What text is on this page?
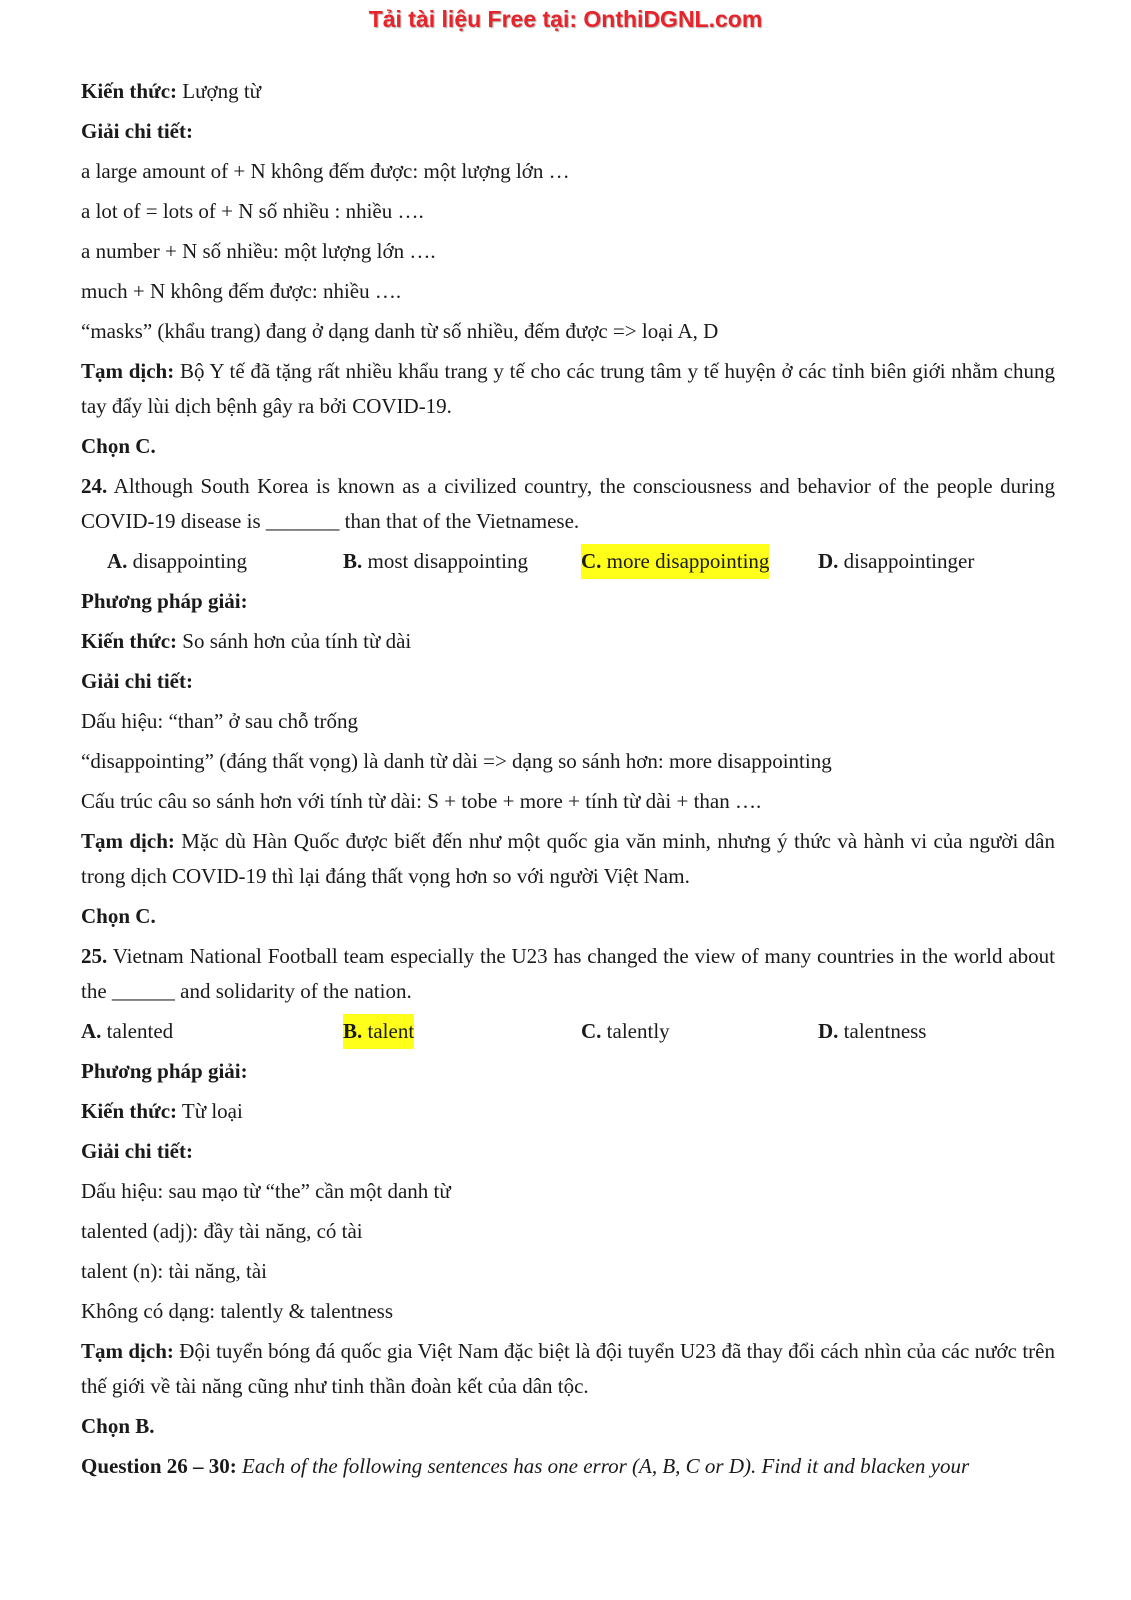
Tải tài liệu Free tại: OnthiDGNL.com
Kiến thức: Lượng từ
Giải chi tiết:
a large amount of + N không đếm được: một lượng lớn …
a lot of = lots of + N số nhiều : nhiều ….
a number + N số nhiều: một lượng lớn ….
much + N không đếm được: nhiều ….
“masks” (khẩu trang) đang ở dạng danh từ số nhiều, đếm được => loại A, D
Tạm dịch: Bộ Y tế đã tặng rất nhiều khẩu trang y tế cho các trung tâm y tế huyện ở các tỉnh biên giới nhằm chung tay đẩy lùi dịch bệnh gây ra bởi COVID-19.
Chọn C.
24. Although South Korea is known as a civilized country, the consciousness and behavior of the people during COVID-19 disease is _______ than that of the Vietnamese.
A. disappointing	B. most disappointing	C. more disappointing D. disappointinger
Phương pháp giải:
Kiến thức: So sánh hơn của tính từ dài
Giải chi tiết:
Dấu hiệu: “than” ở sau chỗ trống
“disappointing” (đáng thất vọng) là danh từ dài => dạng so sánh hơn: more disappointing
Cấu trúc câu so sánh hơn với tính từ dài: S + tobe + more + tính từ dài + than ….
Tạm dịch: Mặc dù Hàn Quốc được biết đến như một quốc gia văn minh, nhưng ý thức và hành vi của người dân trong dịch COVID-19 thì lại đáng thất vọng hơn so với người Việt Nam.
Chọn C.
25. Vietnam National Football team especially the U23 has changed the view of many countries in the world about the ______ and solidarity of the nation.
A. talented	B. talent	C. talently	D. talentness
Phương pháp giải:
Kiến thức: Từ loại
Giải chi tiết:
Dấu hiệu: sau mạo từ “the” cần một danh từ
talented (adj): đầy tài năng, có tài
talent (n): tài năng, tài
Không có dạng: talently & talentness
Tạm dịch: Đội tuyển bóng đá quốc gia Việt Nam đặc biệt là đội tuyển U23 đã thay đổi cách nhìn của các nước trên thế giới về tài năng cũng như tinh thần đoàn kết của dân tộc.
Chọn B.
Question 26 – 30: Each of the following sentences has one error (A, B, C or D). Find it and blacken your
